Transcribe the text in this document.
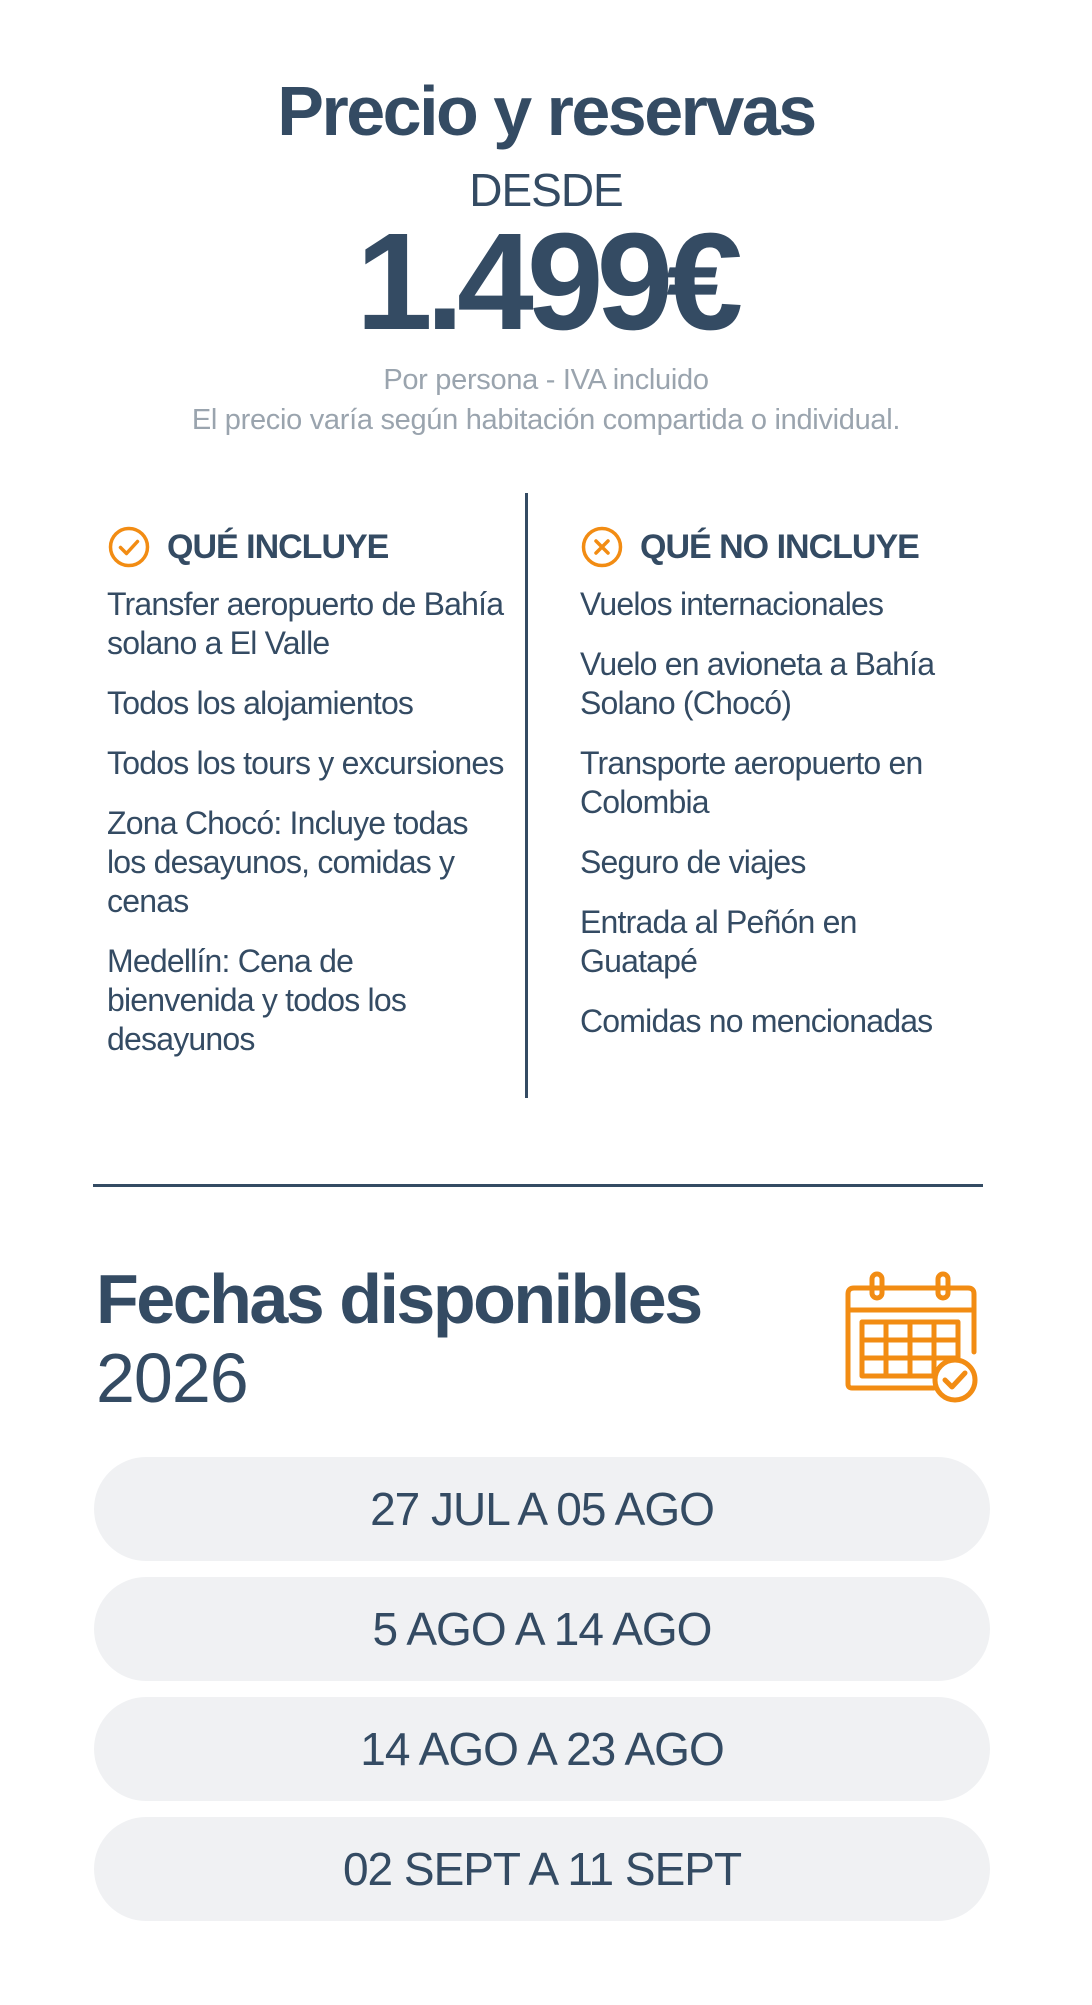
Precio y reservas
DESDE
1.499€
Por persona - IVA incluido
El precio varía según habitación compartida o individual.
QUÉ INCLUYE
Transfer aeropuerto de Bahía solano a El Valle
Todos los alojamientos
Todos los tours y excursiones
Zona Chocó: Incluye todas los desayunos, comidas y cenas
Medellín: Cena de bienvenida y todos los desayunos
QUÉ NO INCLUYE
Vuelos internacionales
Vuelo en avioneta a Bahía Solano (Chocó)
Transporte aeropuerto en Colombia
Seguro de viajes
Entrada al Peñón en Guatapé
Comidas no mencionadas
Fechas disponibles
2026
27 JUL A 05 AGO
5 AGO A 14 AGO
14 AGO A 23 AGO
02 SEPT A 11 SEPT
